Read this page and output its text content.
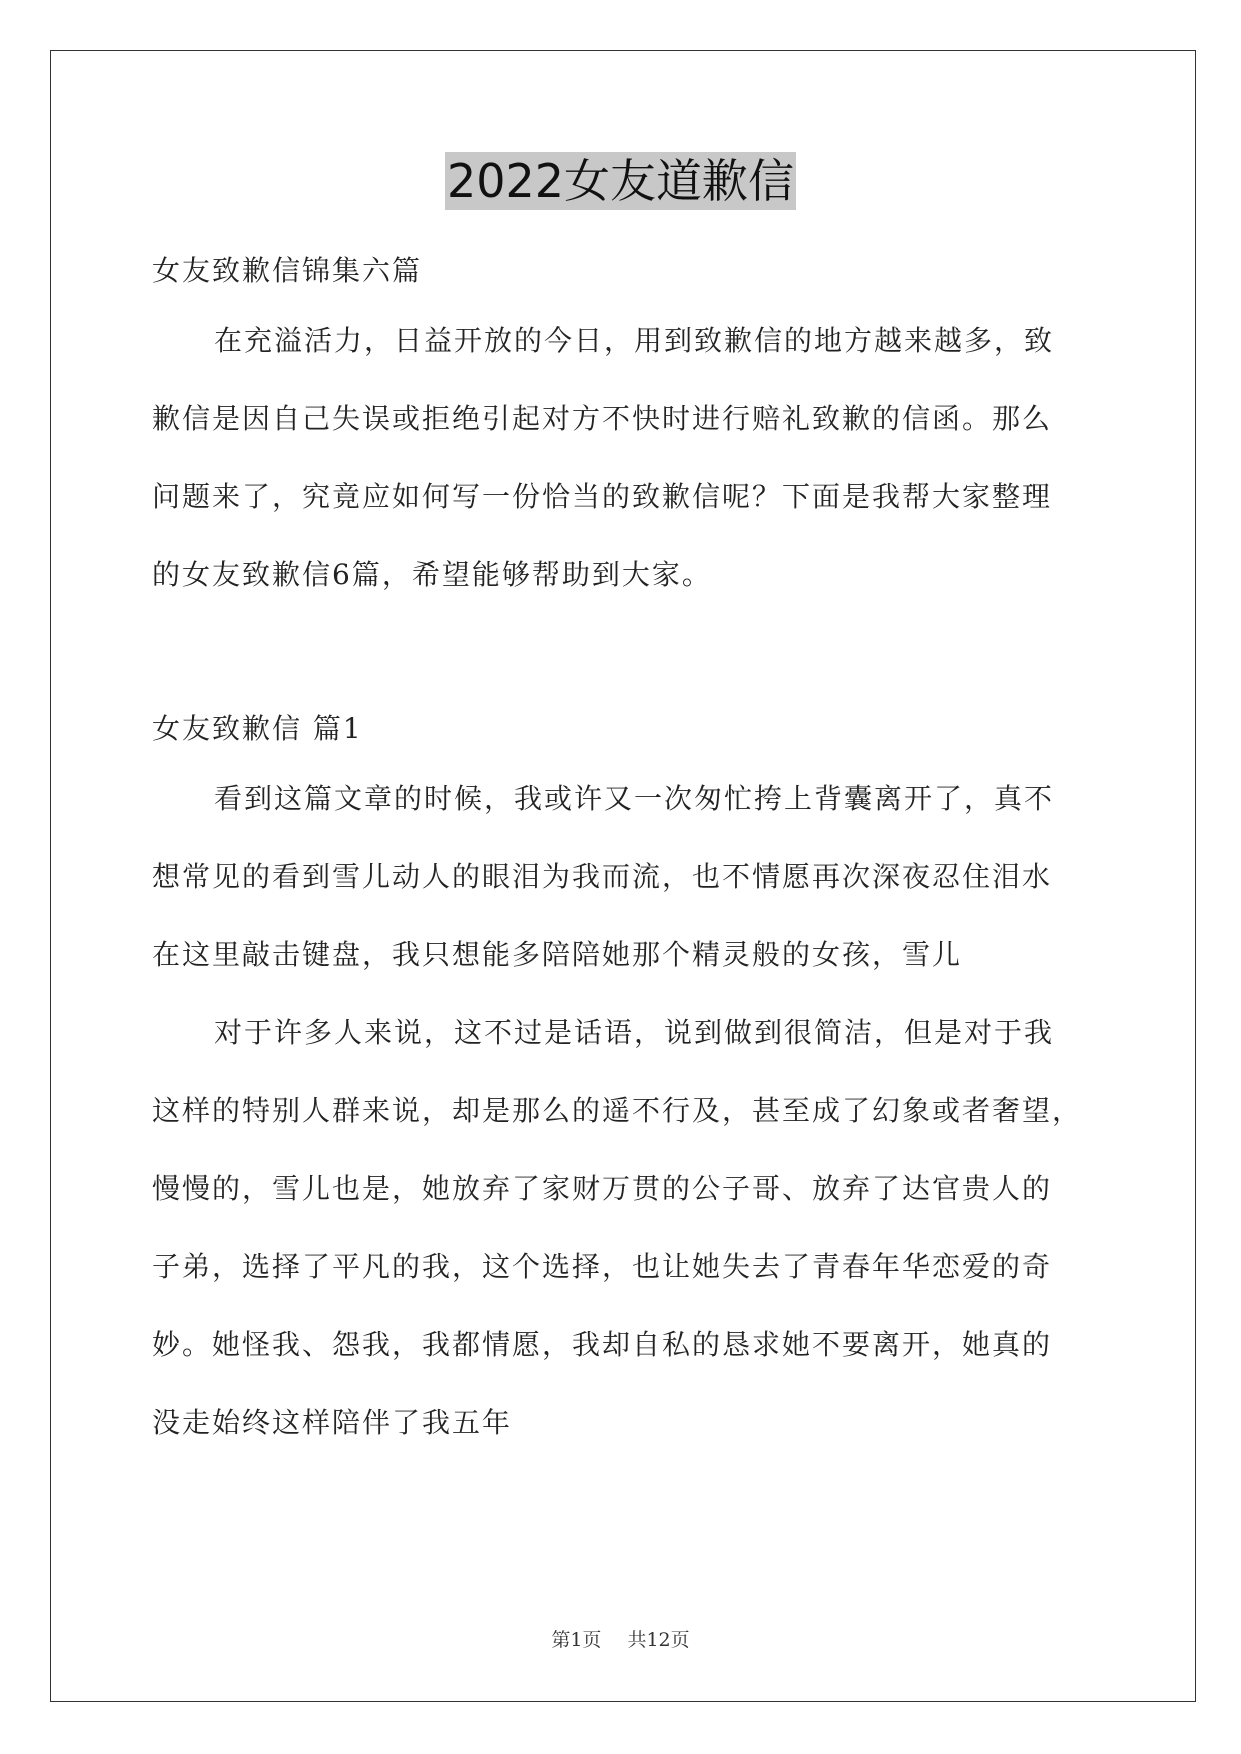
2022女友道歉信

女友致歉信锦集六篇

在充溢活力，日益开放的今日，用到致歉信的地方越来越多，致
歉信是因自己失误或拒绝引起对方不快时进行赔礼致歉的信函。那么
问题来了，究竟应如何写一份恰当的致歉信呢？下面是我帮大家整理
的女友致歉信6篇，希望能够帮助到大家。

女友致歉信 篇1

看到这篇文章的时候，我或许又一次匆忙挎上背囊离开了，真不
想常见的看到雪儿动人的眼泪为我而流，也不情愿再次深夜忍住泪水
在这里敲击键盘，我只想能多陪陪她那个精灵般的女孩，雪儿
对于许多人来说，这不过是话语，说到做到很简洁，但是对于我
这样的特别人群来说，却是那么的遥不行及，甚至成了幻象或者奢望，
慢慢的，雪儿也是，她放弃了家财万贯的公子哥、放弃了达官贵人的
子弟，选择了平凡的我，这个选择，也让她失去了青春年华恋爱的奇
妙。她怪我、怨我，我都情愿，我却自私的恳求她不要离开，她真的
没走始终这样陪伴了我五年
第1页 共12页
